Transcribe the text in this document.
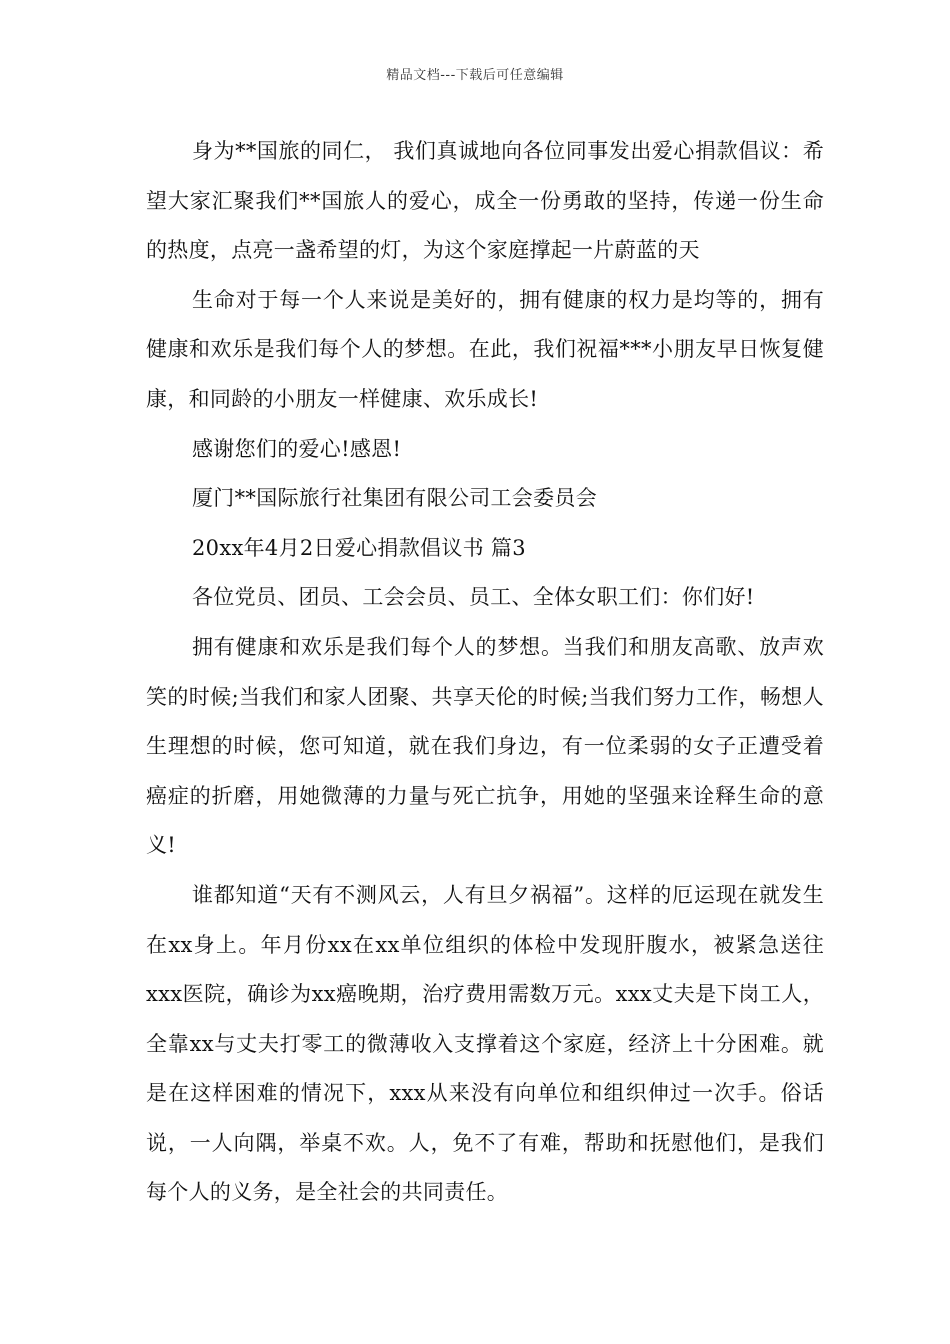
精品文档---下载后可任意编辑

身为**国旅的同仁， 我们真诚地向各位同事发出爱心捐款倡议：希望大家汇聚我们**国旅人的爱心，成全一份勇敢的坚持，传递一份生命的热度，点亮一盏希望的灯，为这个家庭撑起一片蔚蓝的天

生命对于每一个人来说是美好的，拥有健康的权力是均等的，拥有健康和欢乐是我们每个人的梦想。在此，我们祝福***小朋友早日恢复健康，和同龄的小朋友一样健康、欢乐成长!

感谢您们的爱心!感恩!

厦门**国际旅行社集团有限公司工会委员会

20xx年4月2日爱心捐款倡议书 篇3

各位党员、团员、工会会员、员工、全体女职工们：你们好!

拥有健康和欢乐是我们每个人的梦想。当我们和朋友高歌、放声欢笑的时候;当我们和家人团聚、共享天伦的时候;当我们努力工作，畅想人生理想的时候，您可知道，就在我们身边，有一位柔弱的女子正遭受着癌症的折磨，用她微薄的力量与死亡抗争，用她的坚强来诠释生命的意义!

谁都知道“天有不测风云，人有旦夕祸福”。这样的厄运现在就发生在xx身上。年月份xx在xx单位组织的体检中发现肝腹水，被紧急送往xxx医院，确诊为xx癌晚期，治疗费用需数万元。xxx丈夫是下岗工人，全靠xx与丈夫打零工的微薄收入支撑着这个家庭，经济上十分困难。就是在这样困难的情况下，xxx从来没有向单位和组织伸过一次手。俗话说，一人向隅，举桌不欢。人，免不了有难，帮助和抚慰他们，是我们每个人的义务，是全社会的共同责任。
